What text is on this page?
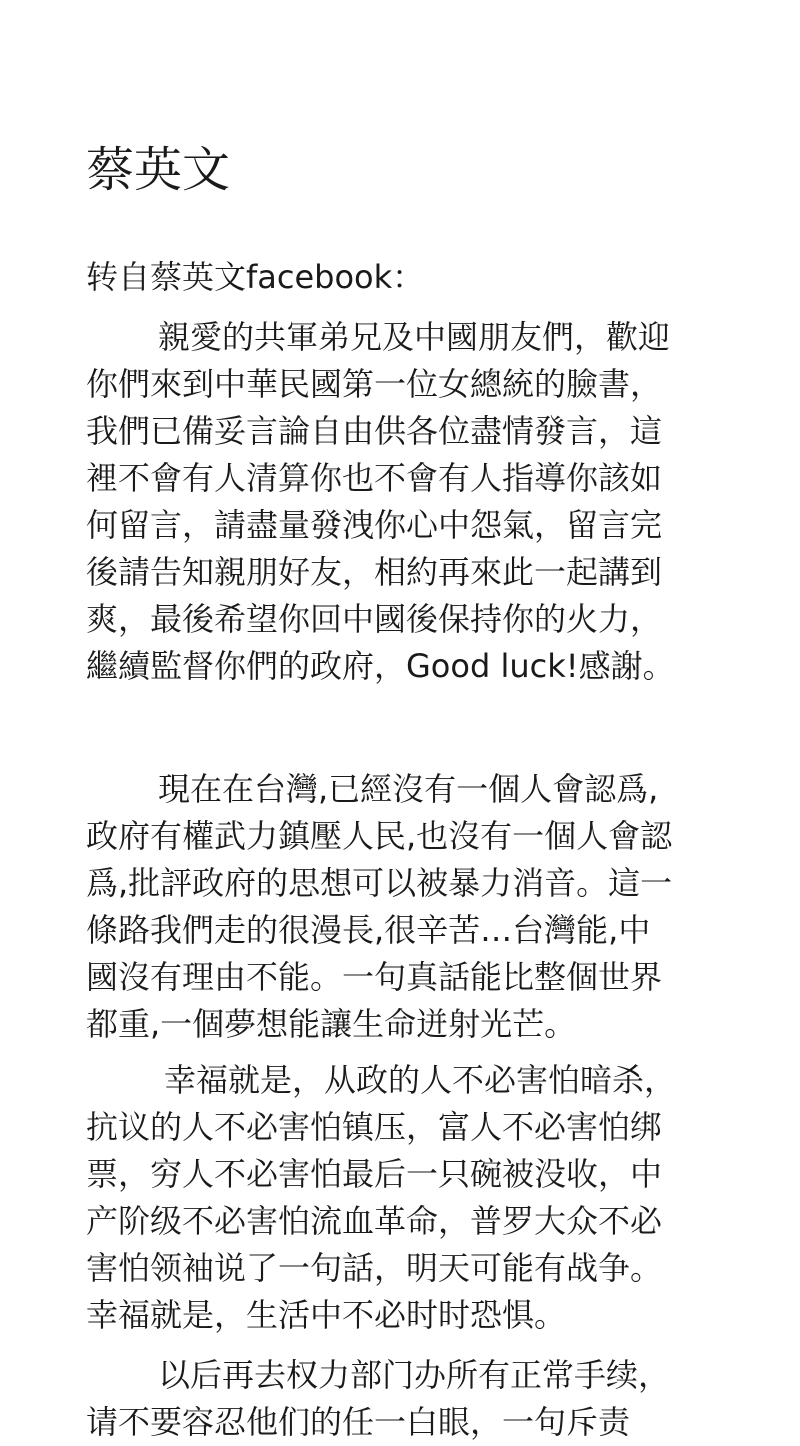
蔡英文

转自蔡英文facebook：

親愛的共軍弟兄及中國朋友們，歡迎
你們來到中華民國第一位女總統的臉書，
我們已備妥言論自由供各位盡情發言，這
裡不會有人清算你也不會有人指導你該如
何留言，請盡量發洩你心中怨氣，留言完
後請告知親朋好友，相約再來此一起講到
爽，最後希望你回中國後保持你的火力，
繼續監督你們的政府，Good luck!感謝。

現在在台灣,已經沒有一個人會認爲,
政府有權武力鎮壓人民,也沒有一個人會認
爲,批評政府的思想可以被暴力消音。這一
條路我們走的很漫長,很辛苦…台灣能,中
國沒有理由不能。一句真話能比整個世界
都重,一個夢想能讓生命迸射光芒。

幸福就是，从政的人不必害怕暗杀，
抗议的人不必害怕镇压，富人不必害怕绑
票，穷人不必害怕最后一只碗被没收，中
产阶级不必害怕流血革命，普罗大众不必
害怕领袖说了一句話，明天可能有战争。
幸福就是，生活中不必时时恐惧。

以后再去权力部门办所有正常手续，
请不要容忍他们的任一白眼，一句斥责
